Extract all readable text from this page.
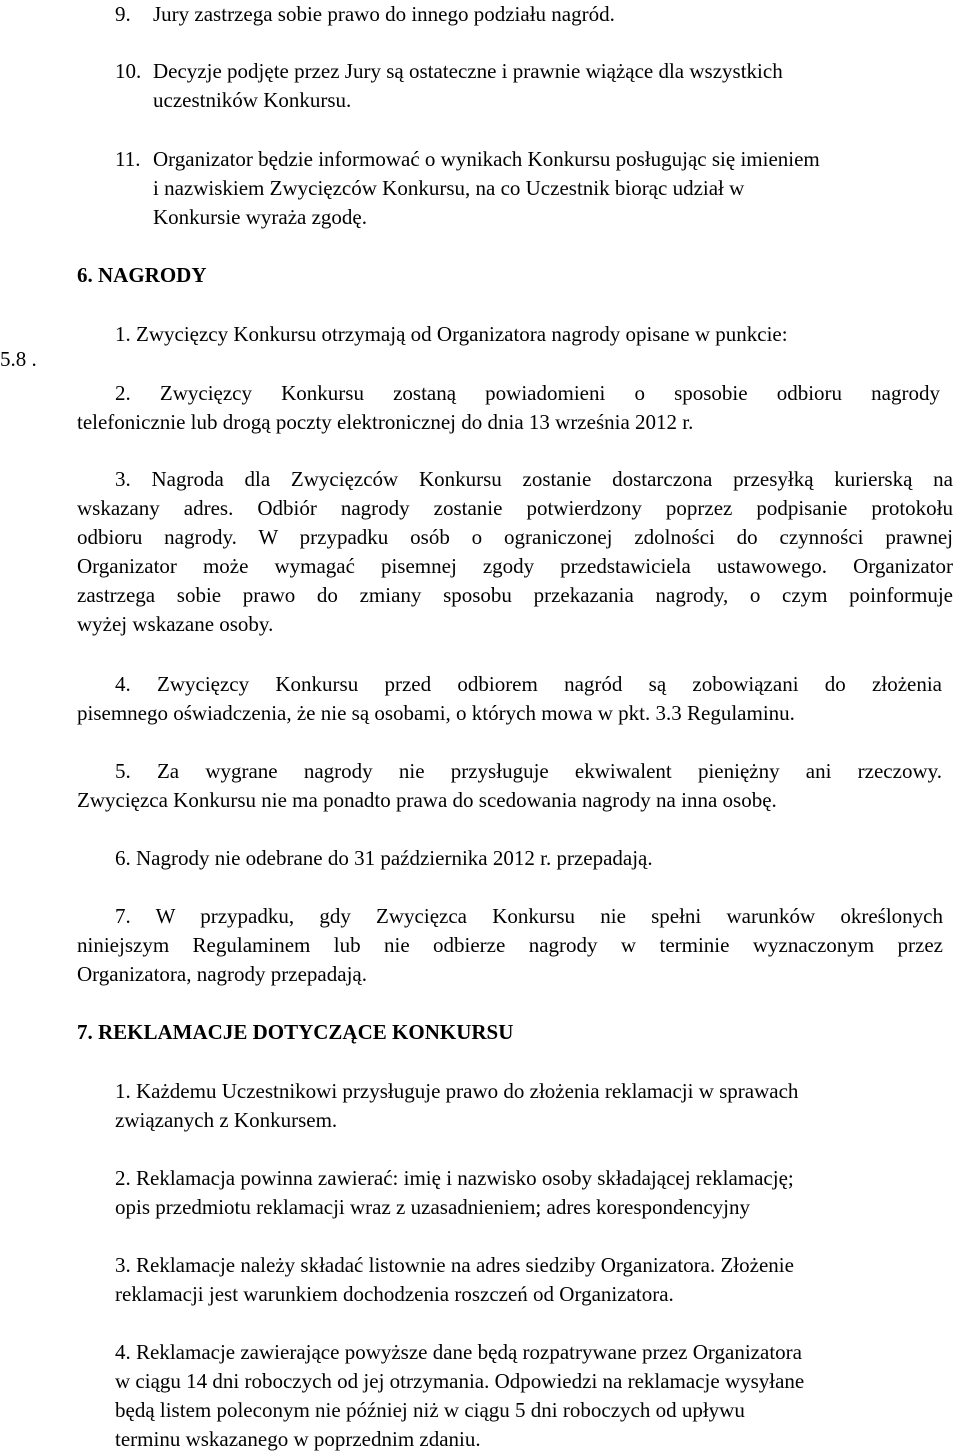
5.8 .
9. Jury zastrzega sobie prawo do innego podziału nagród.
10. Decyzje podjęte przez Jury są ostateczne i prawnie wiążące dla wszystkich
uczestników Konkursu.
11. Organizator będzie informować o wynikach Konkursu posługując się imieniem
i nazwiskiem Zwycięzców Konkursu, na co Uczestnik biorąc udział w
Konkursie wyraża zgodę.
6. NAGRODY
1. Zwycięzcy Konkursu otrzymają od Organizatora nagrody opisane w punkcie:
2. Zwycięzcy Konkursu zostaną powiadomieni o sposobie odbioru nagrody
telefonicznie lub drogą poczty elektronicznej do dnia 13 września 2012 r.
3. Nagroda dla Zwycięzców Konkursu zostanie dostarczona przesyłką kurierską na
wskazany adres. Odbiór nagrody zostanie potwierdzony poprzez podpisanie protokołu
odbioru nagrody. W przypadku osób o ograniczonej zdolności do czynności prawnej
Organizator może wymagać pisemnej zgody przedstawiciela ustawowego. Organizator
zastrzega sobie prawo do zmiany sposobu przekazania nagrody, o czym poinformuje
wyżej wskazane osoby.
4. Zwycięzcy Konkursu przed odbiorem nagród są zobowiązani do złożenia
pisemnego oświadczenia, że nie są osobami, o których mowa w pkt. 3.3 Regulaminu.
5. Za wygrane nagrody nie przysługuje ekwiwalent pieniężny ani rzeczowy.
Zwycięzca Konkursu nie ma ponadto prawa do scedowania nagrody na inna osobę.
6. Nagrody nie odebrane do 31 października 2012 r. przepadają.
7. W przypadku, gdy Zwycięzca Konkursu nie spełni warunków określonych
niniejszym Regulaminem lub nie odbierze nagrody w terminie wyznaczonym przez
Organizatora, nagrody przepadają.
7. REKLAMACJE DOTYCZĄCE KONKURSU
1. Każdemu Uczestnikowi przysługuje prawo do złożenia reklamacji w sprawach
związanych z Konkursem.
2. Reklamacja powinna zawierać: imię i nazwisko osoby składającej reklamację;
opis przedmiotu reklamacji wraz z uzasadnieniem; adres korespondencyjny
3. Reklamacje należy składać listownie na adres siedziby Organizatora. Złożenie
reklamacji jest warunkiem dochodzenia roszczeń od Organizatora.
4. Reklamacje zawierające powyższe dane będą rozpatrywane przez Organizatora
w ciągu 14 dni roboczych od jej otrzymania. Odpowiedzi na reklamacje wysyłane
będą listem poleconym nie później niż w ciągu 5 dni roboczych od upływu
terminu wskazanego w poprzednim zdaniu.
